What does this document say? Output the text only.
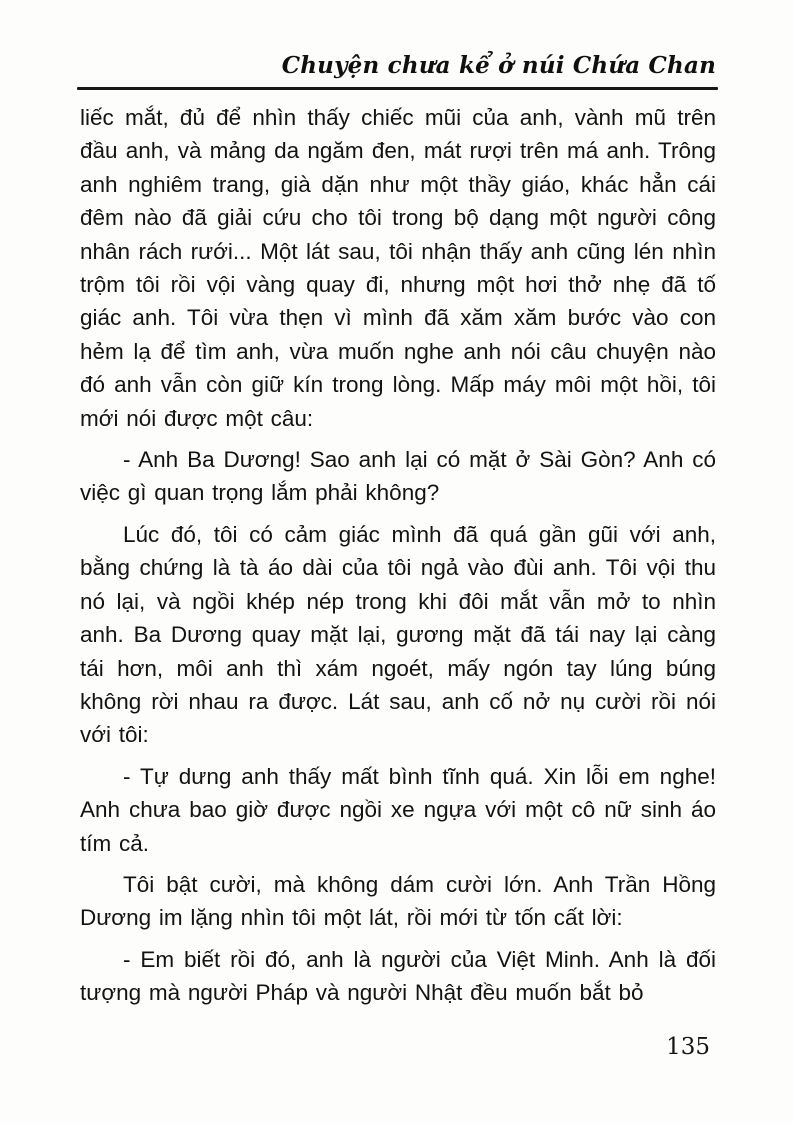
Chuyện chưa kể ở núi Chứa Chan

liếc mắt, đủ để nhìn thấy chiếc mũi của anh, vành mũ trên đầu anh, và mảng da ngăm đen, mát rượi trên má anh. Trông anh nghiêm trang, già dặn như một thầy giáo, khác hẳn cái đêm nào đã giải cứu cho tôi trong bộ dạng một người công nhân rách rưới... Một lát sau, tôi nhận thấy anh cũng lén nhìn trộm tôi rồi vội vàng quay đi, nhưng một hơi thở nhẹ đã tố giác anh. Tôi vừa thẹn vì mình đã xăm xăm bước vào con hẻm lạ để tìm anh, vừa muốn nghe anh nói câu chuyện nào đó anh vẫn còn giữ kín trong lòng. Mấp máy môi một hồi, tôi mới nói được một câu:

- Anh Ba Dương! Sao anh lại có mặt ở Sài Gòn? Anh có việc gì quan trọng lắm phải không?

Lúc đó, tôi có cảm giác mình đã quá gần gũi với anh, bằng chứng là tà áo dài của tôi ngả vào đùi anh. Tôi vội thu nó lại, và ngồi khép nép trong khi đôi mắt vẫn mở to nhìn anh. Ba Dương quay mặt lại, gương mặt đã tái nay lại càng tái hơn, môi anh thì xám ngoét, mấy ngón tay lúng búng không rời nhau ra được. Lát sau, anh cố nở nụ cười rồi nói với tôi:

- Tự dưng anh thấy mất bình tĩnh quá. Xin lỗi em nghe! Anh chưa bao giờ được ngồi xe ngựa với một cô nữ sinh áo tím cả.

Tôi bật cười, mà không dám cười lớn. Anh Trần Hồng Dương im lặng nhìn tôi một lát, rồi mới từ tốn cất lời:

- Em biết rồi đó, anh là người của Việt Minh. Anh là đối tượng mà người Pháp và người Nhật đều muốn bắt bỏ

135
